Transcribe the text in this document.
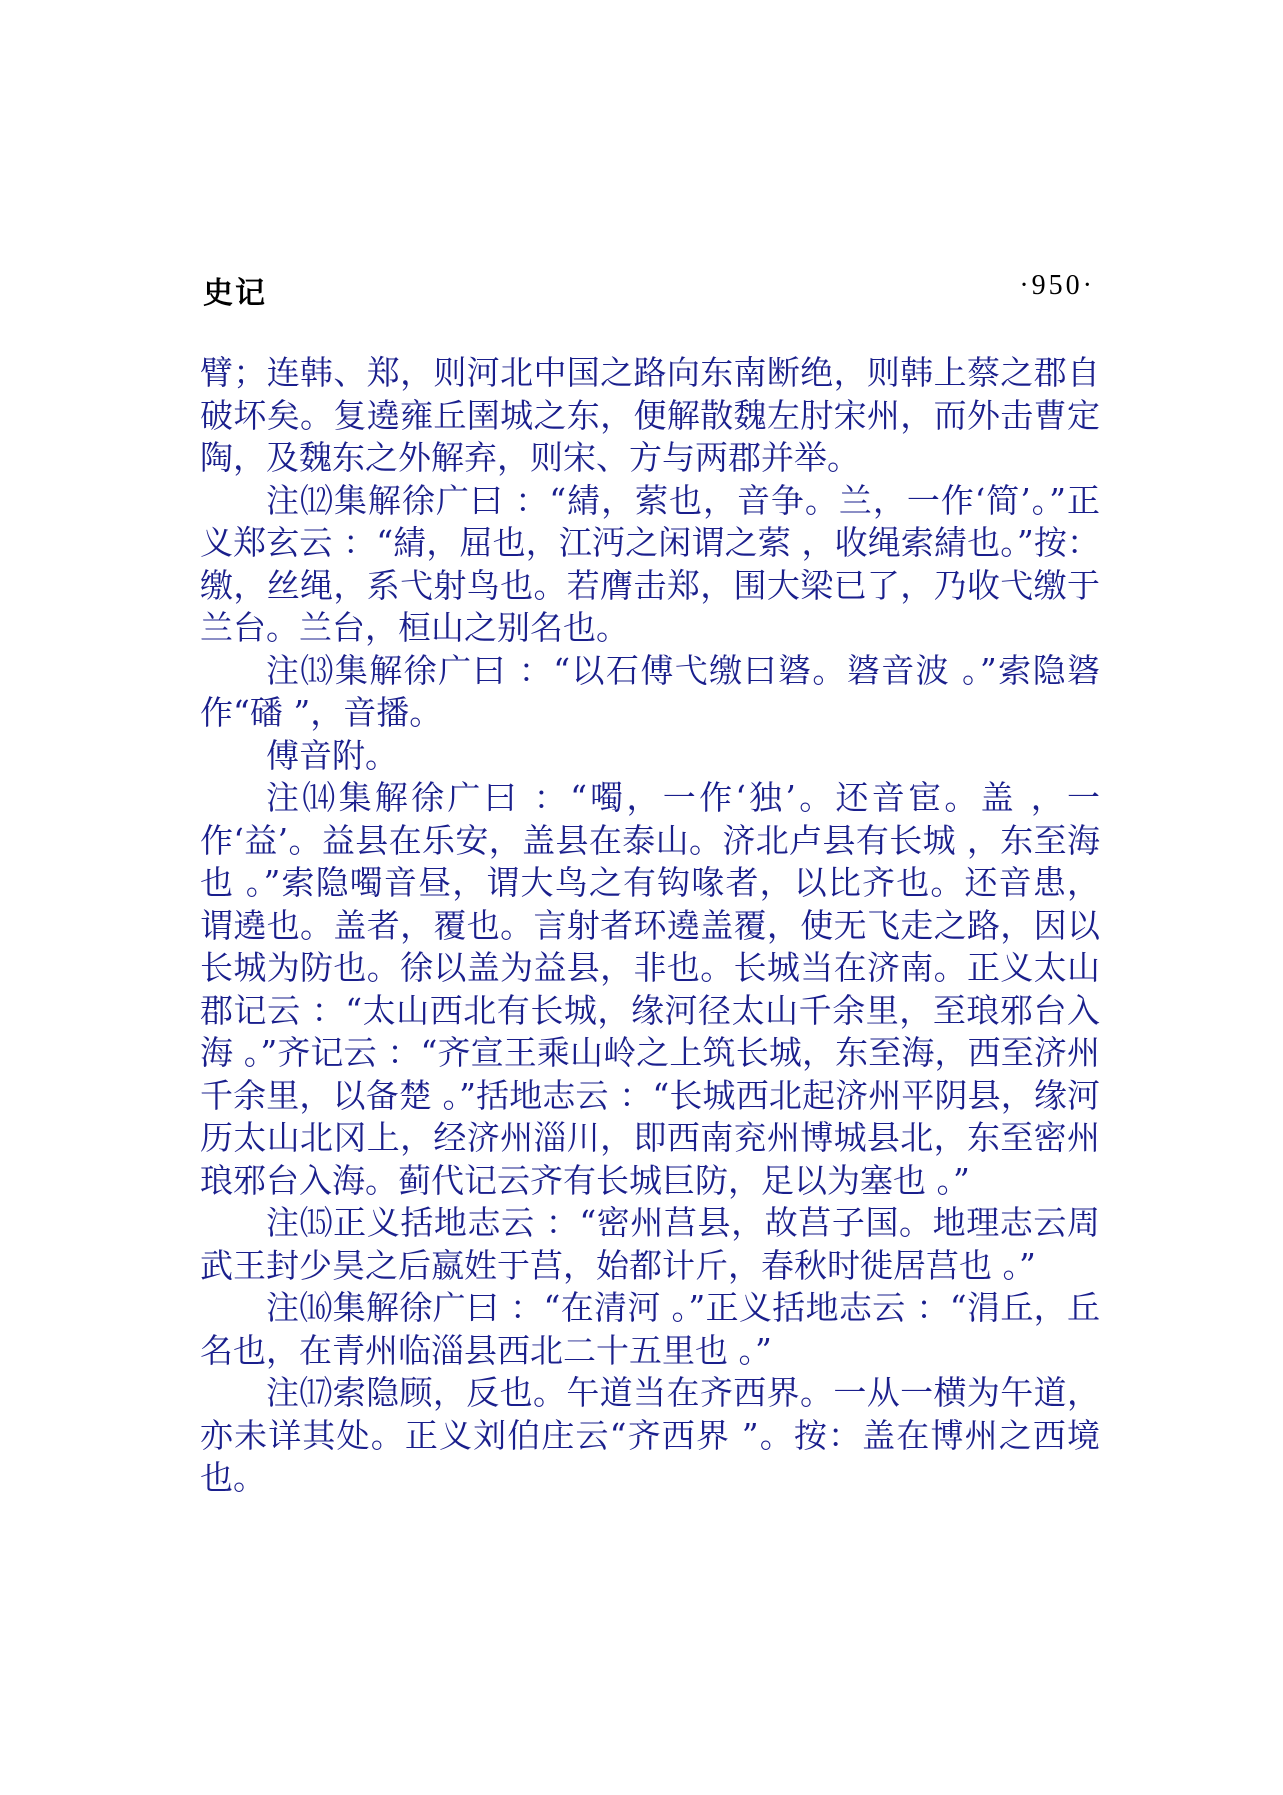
史记	·950·

臂；连韩、郑，则河北中国之路向东南断绝，则韩上蔡之郡自破坏矣。复遶雍丘圉城之东，便解散魏左肘宋州，而外击曹定陶，及魏东之外解弃，则宋、方与两郡并举。

注⑿集解徐广曰 ：“綪，萦也，音争。兰，一作‘简’。”正义郑玄云 ：“綪，屈也，江沔之闲谓之萦 ，收绳索綪也。”按：缴，丝绳，系弋射鸟也。若膺击郑，围大梁已了，乃收弋缴于兰台。兰台，桓山之别名也。

注⒀集解徐广曰 ：“以石傅弋缴曰碆。碆音波 。”索隐碆作“磻 ”，音播。

傅音附。

注⒁集解徐广曰 ：“噣，一作‘独’。还音宦。盖 ，一作‘益’。益县在乐安，盖县在泰山。济北卢县有长城 ，东至海也 。”索隐噣音昼，谓大鸟之有钩喙者，以比齐也。还音患，谓遶也。盖者，覆也。言射者环遶盖覆，使无飞走之路，因以长城为防也。徐以盖为益县，非也。长城当在济南。正义太山郡记云 ：“太山西北有长城，缘河径太山千余里，至琅邪台入海 。”齐记云 ：“齐宣王乘山岭之上筑长城，东至海，西至济州千余里，以备楚 。”括地志云 ：“长城西北起济州平阴县，缘河历太山北冈上，经济州淄川，即西南兖州博城县北，东至密州琅邪台入海。蓟代记云齐有长城巨防，足以为塞也 。”

注⒂正义括地志云 ：“密州莒县，故莒子国。地理志云周武王封少昊之后嬴姓于莒，始都计斤，春秋时徙居莒也 。”

注⒃集解徐广曰 ：“在清河 。”正义括地志云 ：“涓丘，丘名也，在青州临淄县西北二十五里也 。”

注⒄索隐顾，反也。午道当在齐西界。一从一横为午道，亦未详其处。正义刘伯庄云“齐西界 ”。按：盖在博州之西境也。
